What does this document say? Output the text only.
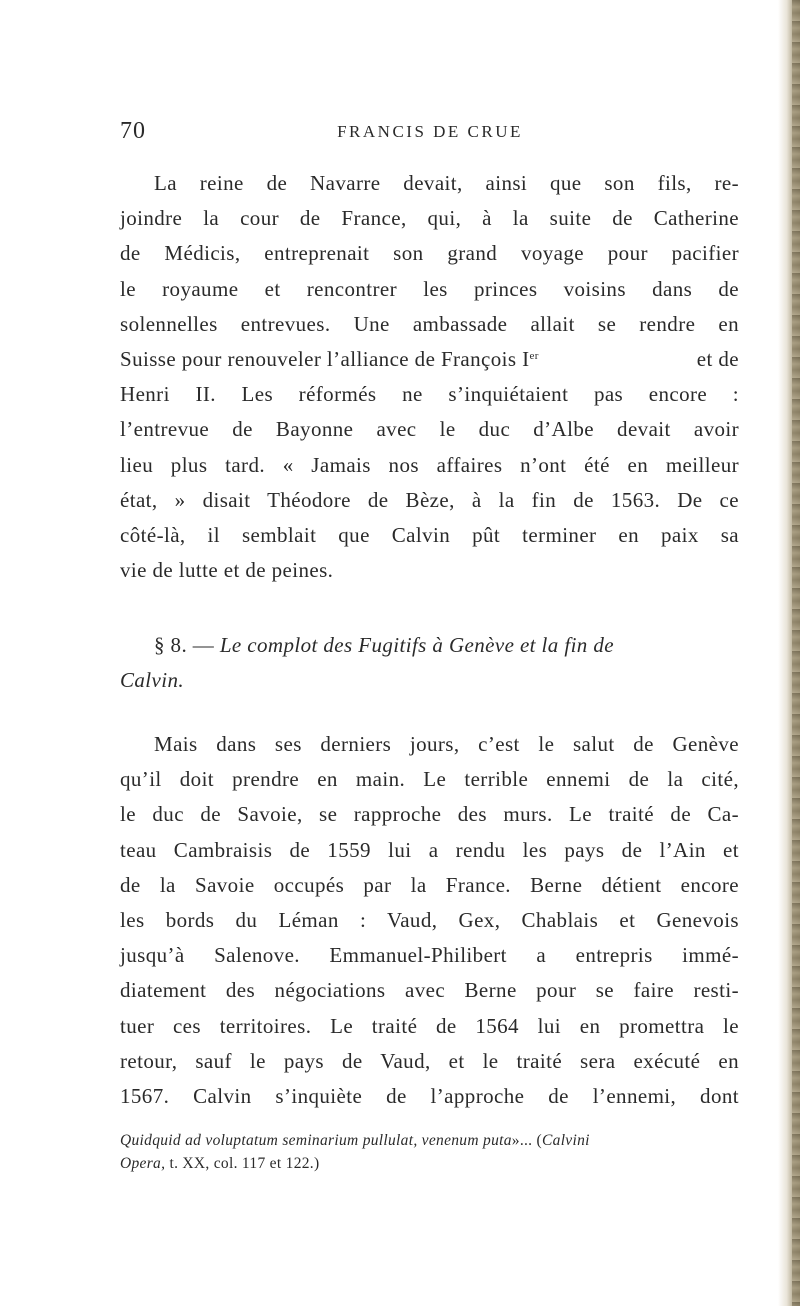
70	FRANCIS DE CRUE

La reine de Navarre devait, ainsi que son fils, re-
joindre la cour de France, qui, à la suite de Catherine
de Médicis, entreprenait son grand voyage pour pacifier
le royaume et rencontrer les princes voisins dans de
solennelles entrevues. Une ambassade allait se rendre en
Suisse pour renouveler l’alliance de François Ier	et de
Henri II. Les réformés ne s’inquiétaient pas encore :
l’entrevue de Bayonne avec le duc d’Albe devait avoir
lieu plus tard. « Jamais nos affaires n’ont été en meilleur
état, » disait Théodore de Bèze, à la fin de 1563. De ce
côté-là, il semblait que Calvin pût terminer en paix sa
vie de lutte et de peines.

§ 8. — Le complot des Fugitifs à Genève et la fin de
Calvin.

Mais dans ses derniers jours, c’est le salut de Genève
qu’il doit prendre en main. Le terrible ennemi de la cité,
le duc de Savoie, se rapproche des murs. Le traité de Ca-
teau Cambraisis de 1559 lui a rendu les pays de l’Ain et
de la Savoie occupés par la France. Berne détient encore
les bords du Léman : Vaud, Gex, Chablais et Genevois
jusqu’à Salenove. Emmanuel-Philibert a entrepris immé-
diatement des négociations avec Berne pour se faire resti-
tuer ces territoires. Le traité de 1564 lui en promettra le
retour, sauf le pays de Vaud, et le traité sera exécuté en
1567. Calvin s’inquiète de l’approche de l’ennemi, dont

Quidquid ad voluptatum seminarium pullulat, venenum puta»... (Calvini
Opera, t. XX, col. 117 et 122.)
